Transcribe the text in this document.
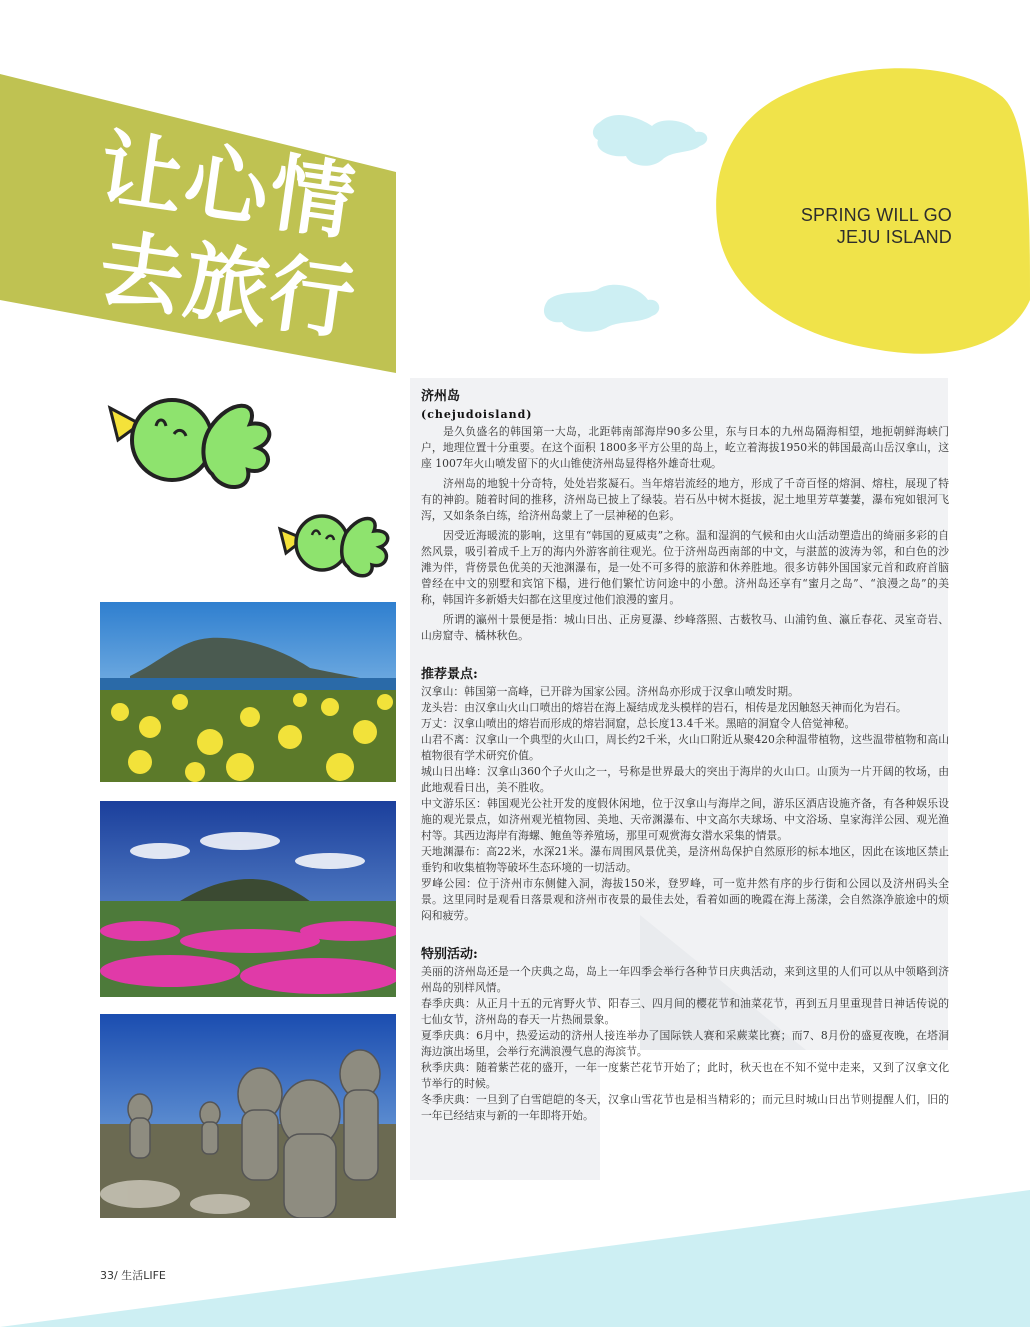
让心情
去旅行
SPRING WILL GO
JEJU ISLAND
济州岛
(chejudoisland)
是久负盛名的韩国第一大岛，北距韩南部海岸90多公里，东与日本的九州岛隔海相望，地扼朝鲜海峡门户，地理位置十分重要。在这个面积 1800多平方公里的岛上，屹立着海拔1950米的韩国最高山岳汉拿山，这座 1007年火山喷发留下的火山锥使济州岛显得格外雄奇壮观。
济州岛的地貌十分奇特，处处岩浆凝石。当年熔岩流经的地方，形成了千奇百怪的熔洞、熔柱，展现了特有的神韵。随着时间的推移，济州岛已披上了绿装。岩石丛中树木挺拔，泥土地里芳草萋萋，瀑布宛如银河飞泻，又如条条白练，给济州岛蒙上了一层神秘的色彩。
因受近海暖流的影响，这里有“韩国的夏威夷”之称。温和湿润的气候和由火山活动塑造出的绮丽多彩的自然风景，吸引着成千上万的海内外游客前往观光。位于济州岛西南部的中文，与湛蓝的波涛为邻，和白色的沙滩为伴，背傍景色优美的天池渊瀑布，是一处不可多得的旅游和休养胜地。很多访韩外国国家元首和政府首脑曾经在中文的别墅和宾馆下榻，进行他们繁忙访问途中的小憩。济州岛还享有“蜜月之岛”、“浪漫之岛”的美称，韩国许多新婚夫妇都在这里度过他们浪漫的蜜月。
所谓的瀛州十景便是指：城山日出、正房夏瀑、纱峰落照、古薮牧马、山浦钓鱼、瀛丘春花、灵室奇岩、山房窟寺、橘林秋色。
推荐景点:
汉拿山：韩国第一高峰，已开辟为国家公园。济州岛亦形成于汉拿山喷发时期。
龙头岩：由汉拿山火山口喷出的熔岩在海上凝结成龙头模样的岩石，相传是龙因触怒天神而化为岩石。
万丈：汉拿山喷出的熔岩而形成的熔岩洞窟，总长度13.4千米。黑暗的洞窟令人倍觉神秘。
山君不离：汉拿山一个典型的火山口，周长约2千米，火山口附近从聚420余种温带植物，这些温带植物和高山植物很有学术研究价值。
城山日出峰：汉拿山360个子火山之一，号称是世界最大的突出于海岸的火山口。山顶为一片开阔的牧场，由此地观看日出，美不胜收。
中文游乐区：韩国观光公社开发的度假休闲地，位于汉拿山与海岸之间，游乐区酒店设施齐备，有各种娱乐设施的观光景点，如济州观光植物园、美地、天帝渊瀑布、中文高尔夫球场、中文浴场、皇家海洋公园、观光渔村等。其西边海岸有海螺、鲍鱼等养殖场，那里可观赏海女潜水采集的情景。
天地渊瀑布：高22米，水深21米。瀑布周围风景优美，是济州岛保护自然原形的标本地区，因此在该地区禁止垂钓和收集植物等破坏生态环境的一切活动。
罗峰公园：位于济州市东侧健入洞，海拔150米，登罗峰，可一览井然有序的步行街和公园以及济州码头全景。这里同时是观看日落景观和济州市夜景的最佳去处，看着如画的晚霞在海上荡漾，会自然涤净旅途中的烦闷和疲劳。
特别活动:
美丽的济州岛还是一个庆典之岛，岛上一年四季会举行各种节日庆典活动，来到这里的人们可以从中领略到济州岛的别样风情。
春季庆典：从正月十五的元宵野火节、阳春三、四月间的樱花节和油菜花节，再到五月里重现昔日神话传说的七仙女节，济州岛的春天一片热闹景象。
夏季庆典：6月中，热爱运动的济州人接连举办了国际铁人赛和采蕨菜比赛；而7、8月份的盛夏夜晚，在塔洞海边演出场里，会举行充满浪漫气息的海滨节。
秋季庆典：随着紫芒花的盛开，一年一度紫芒花节开始了；此时，秋天也在不知不觉中走来，又到了汉拿文化节举行的时候。
冬季庆典：一旦到了白雪皑皑的冬天，汉拿山雪花节也是相当精彩的；而元旦时城山日出节则提醒人们，旧的一年已经结束与新的一年即将开始。
33/ 生活LIFE
